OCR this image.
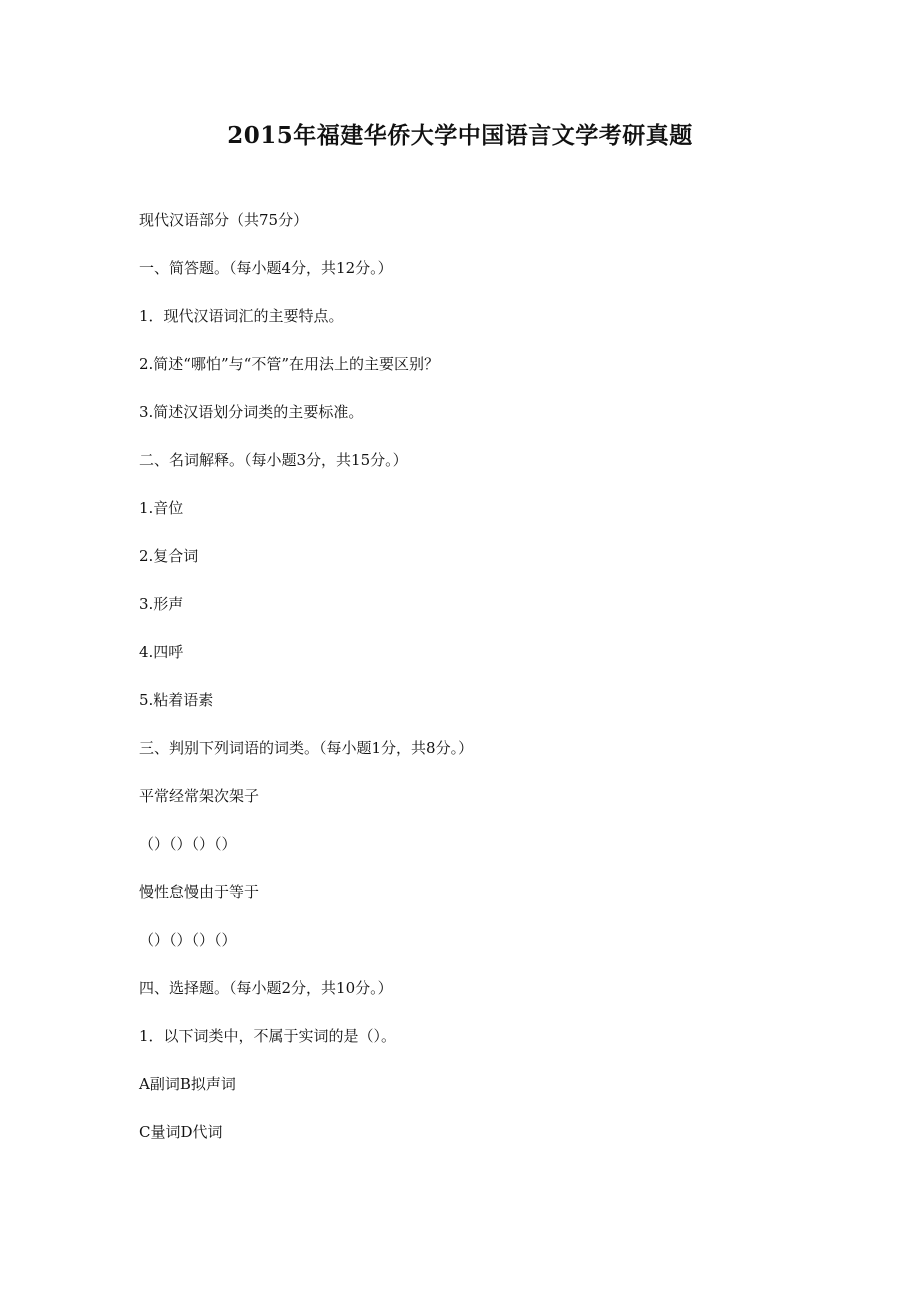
2015年福建华侨大学中国语言文学考研真题

现代汉语部分（共75分）

一、简答题。（每小题4分，共12分。）

1．现代汉语词汇的主要特点。

2.简述“哪怕”与“不管”在用法上的主要区别？

3.简述汉语划分词类的主要标准。

二、名词解释。（每小题3分，共15分。）

1.音位

2.复合词

3.形声

4.四呼

5.粘着语素

三、判别下列词语的词类。（每小题1分，共8分。）

平常经常架次架子

（）（）（）（）

慢性怠慢由于等于

（）（）（）（）

四、选择题。（每小题2分，共10分。）

1．以下词类中，不属于实词的是（）。

A副词B拟声词

C量词D代词
